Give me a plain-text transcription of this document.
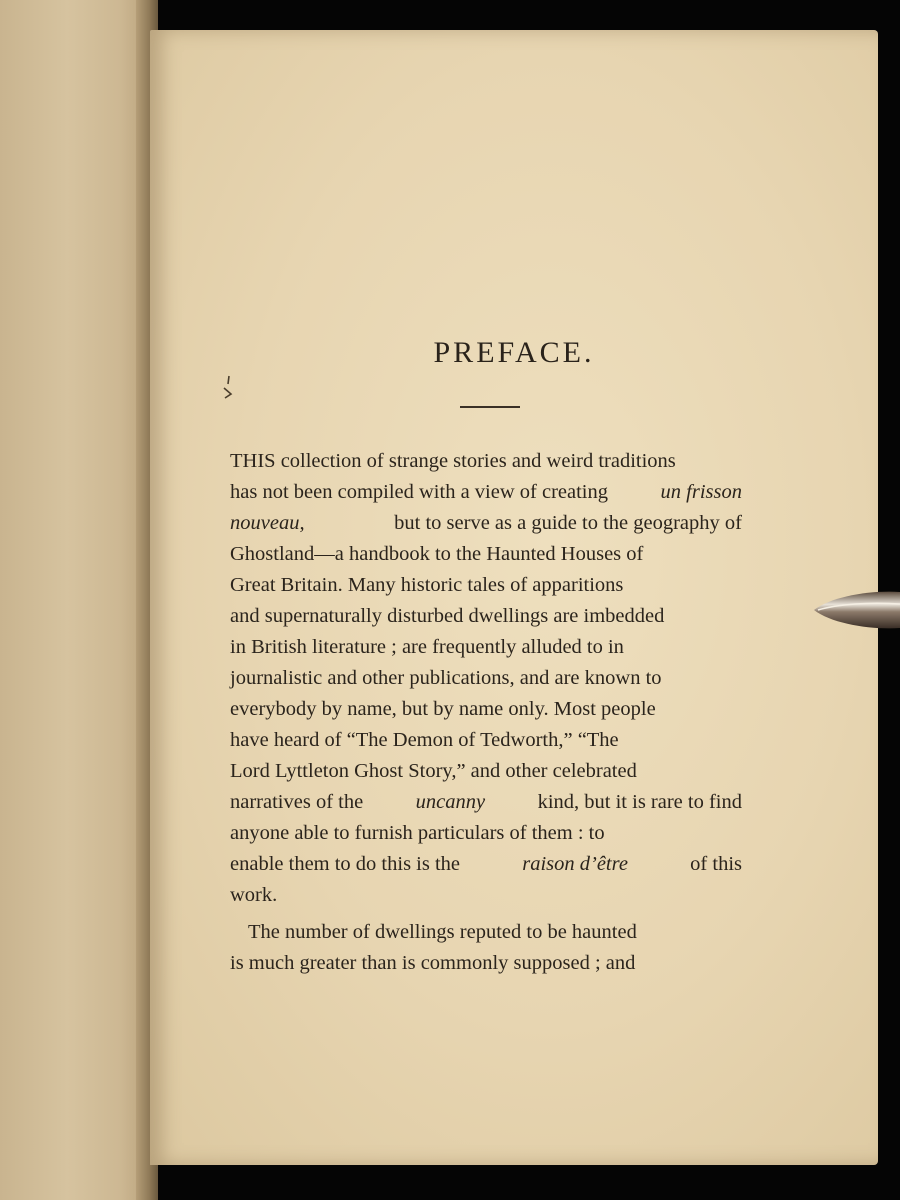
PREFACE.
THIS collection of strange stories and weird traditions
has not been compiled with a view of creating	un frisson
nouveau,	but to serve as a guide to the geography of
Ghostland—a handbook to the Haunted Houses of
Great Britain. Many historic tales of apparitions
and supernaturally disturbed dwellings are imbedded
in British literature ; are frequently alluded to in
journalistic and other publications, and are known to
everybody by name, but by name only. Most people
have heard of “The Demon of Tedworth,” “The
Lord Lyttleton Ghost Story,” and other celebrated
narratives of the	uncanny	kind, but it is rare to find
anyone able to furnish particulars of them : to
enable them to do this is the	raison d’être	of this
work.
The number of dwellings reputed to be haunted
is much greater than is commonly supposed ; and
